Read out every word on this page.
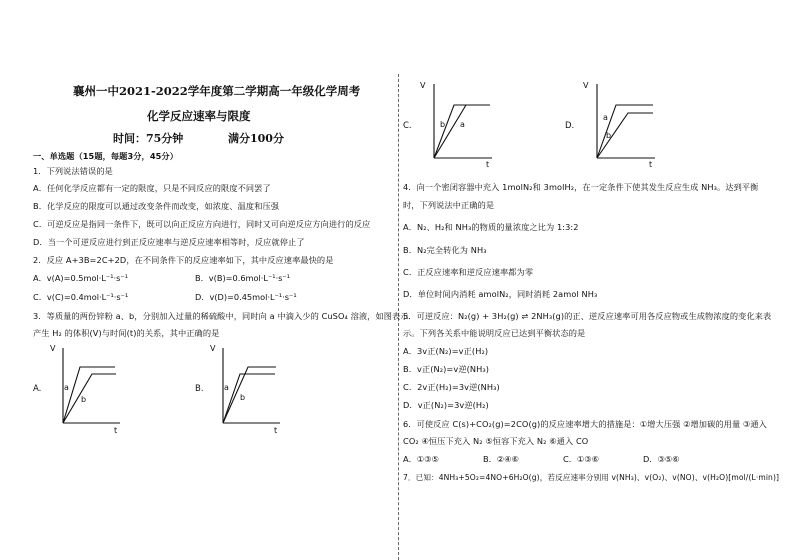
襄州一中2021-2022学年度第二学期高一年级化学周考
化学反应速率与限度
时间：75分钟	满分100分
一、单选题（15题，每题3分，45分）
1．下列说法错误的是
A．任何化学反应都有一定的限度，只是不同反应的限度不同罢了
B．化学反应的限度可以通过改变条件而改变，如浓度、温度和压强
C．可逆反应是指同一条件下，既可以向正反应方向进行，同时又可向逆反应方向进行的反应
D．当一个可逆反应进行到正反应速率与逆反应速率相等时，反应就停止了
2．反应 A+3B=2C+2D，在不同条件下的反应速率如下，其中反应速率最快的是
A．v(A)=0.5mol·L⁻¹·s⁻¹	B．v(B)=0.6mol·L⁻¹·s⁻¹
C．v(C)=0.4mol·L⁻¹·s⁻¹	D．v(D)=0.45mol·L⁻¹·s⁻¹
3．等质量的两份锌粉 a、b，分别加入过量的稀硫酸中，同时向 a 中滴入少的 CuSO₄ 溶液，如图表示
产生 H₂ 的体积(V)与时间(t)的关系，其中正确的是
A.
V
t
a
b
B.
V
t
a
b
C.
V
t
b a	D.
V
t
a
b
4．向一个密闭容器中充入 1molN₂和 3molH₂，在一定条件下使其发生反应生成 NH₃。达到平衡
时，下列说法中正确的是
A．N₂、H₂和 NH₃的物质的量浓度之比为 1:3:2
B．N₂完全转化为 NH₃
C．正反应速率和逆反应速率都为零
D．单位时间内消耗 amolN₂，同时消耗 2amol NH₃
5．可逆反应：N₂(g) + 3H₂(g) ⇌ 2NH₃(g)的正、逆反应速率可用各反应物或生成物浓度的变化来表
示。下列各关系中能说明反应已达到平衡状态的是
A．3v正(N₂)=v正(H₂)
B．v正(N₂)=v逆(NH₃)
C．2v正(H₂)=3v逆(NH₃)
D．v正(N₂)=3v逆(H₂)
6．可使反应 C(s)+CO₂(g)=2CO(g)的反应速率增大的措施是：①增大压强 ②增加碳的用量 ③通入
CO₂ ④恒压下充入 N₂ ⑤恒容下充入 N₂ ⑥通入 CO
A．①③⑤	B．②④⑥	C．①③⑥	D．③⑤⑥
7．已知：4NH₃+5O₂=4NO+6H₂O(g)，若反应速率分别用 v(NH₃)、v(O₂)、v(NO)、v(H₂O)[mol/(L·min)]
